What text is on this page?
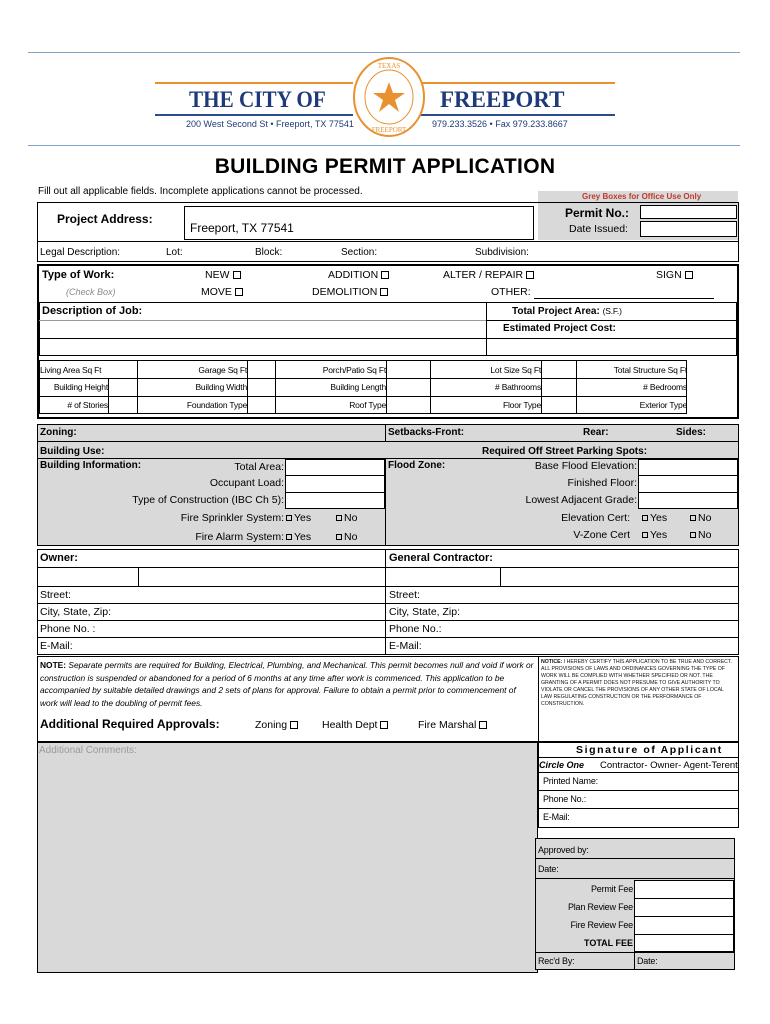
THE CITY OF	FREEPORT
200 West Second St • Freeport, TX 77541	979.233.3526 • Fax 979.233.8667
TEXAS
FREEPORT
BUILDING PERMIT APPLICATION
Fill out all applicable fields. Incomplete applications cannot be processed.	Grey Boxes for Office Use Only
Project Address:
Freeport, TX 77541
Permit No.:
Date Issued:
Legal Description:	Lot:	Block:	Section:	Subdivision:
Type of Work:
(Check Box)
NEW
MOVE
ADDITION
DEMOLITION
ALTER / REPAIR
OTHER:
SIGN
Description of Job:	Total Project Area: (S.F.)
Estimated Project Cost:
Living Area Sq Ft	Garage Sq Ft	Porch/Patio Sq Ft	Lot Size Sq Ft	Total Structure Sq Ft
Building Height	Building Width	Building Length	# Bathrooms	# Bedrooms
# of Stories	Foundation Type	Roof Type	Floor Type	Exterior Type
Zoning:	Setbacks-Front:	Rear:	Sides:
Building Use:	Required Off Street Parking Spots:
Building Information:	Flood Zone:
Total Area:
Occupant Load:
Type of Construction (IBC Ch 5):
Fire Sprinkler System:
Fire Alarm System:
Yes	No
Yes	No
Base Flood Elevation:
Finished Floor:
Lowest Adjacent Grade:
Elevation Cert:
V-Zone Cert
Yes	No
Yes	No
Owner:	General Contractor:
Street:
City, State, Zip:
Phone No. :
E-Mail:
Street:
City, State, Zip:
Phone No.:
E-Mail:
NOTE: Separate permits are required for Building, Electrical, Plumbing, and Mechanical. This permit becomes null and void if work or construction is suspended or abandoned for a period of 6 months at any time after work is commenced. This application to be accompanied by suitable detailed drawings and 2 sets of plans for approval. Failure to obtain a permit prior to commencement of work will lead to the doubling of permit fees.
NOTICE: I HEREBY CERTIFY THIS APPLICATION TO BE TRUE AND CORRECT. ALL PROVISIONS OF LAWS AND ORDINANCES GOVERNING THE TYPE OF WORK WILL BE COMPLIED WITH WHETHER SPECIFIED OR NOT. THE GRANTING OF A PERMIT DOES NOT PRESUME TO GIVE AUTHORITY TO VIOLATE OR CANCEL THE PROVISIONS OF ANY OTHER STATE OF LOCAL LAW REGULATING CONSTRUCTION OR THE PERFORMANCE OF CONSTRUCTION.
Additional Required Approvals:	Zoning	Health Dept	Fire Marshal
Additional Comments:	Signature of Applicant
Circle One Contractor- Owner- Agent-Terent
Printed Name:
Phone No.:
E-Mail:
Approved by:
Date:
Permit Fee
Plan Review Fee
Fire Review Fee
TOTAL FEE
Rec'd By:	Date:
